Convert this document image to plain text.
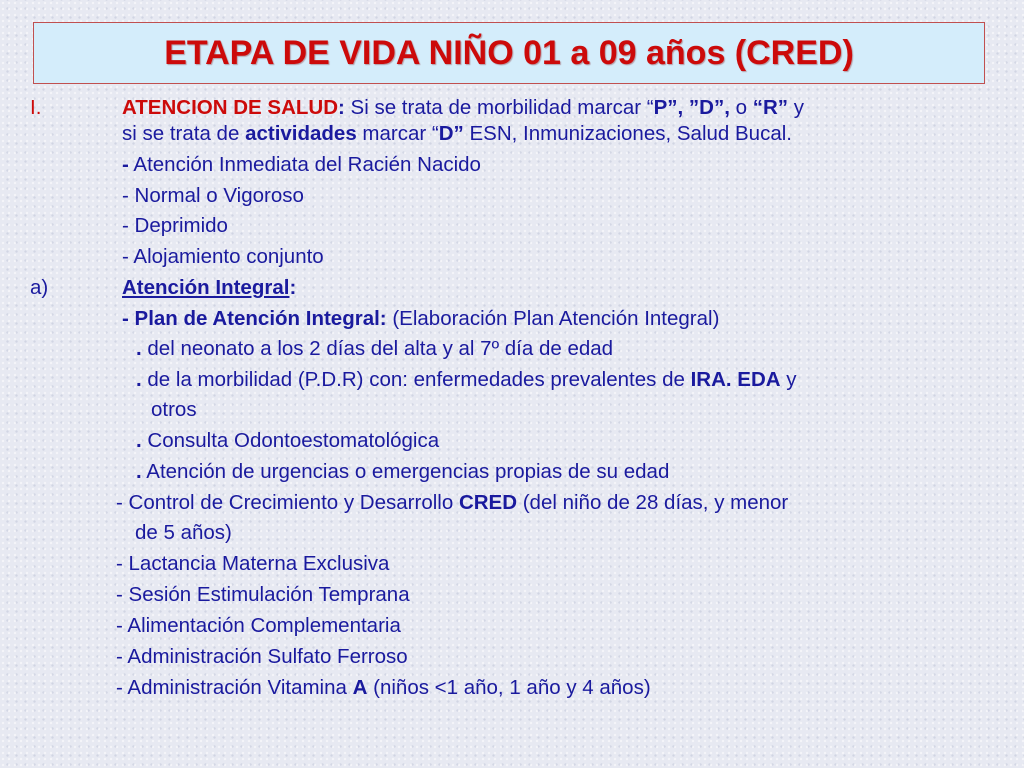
ETAPA DE VIDA NIÑO 01 a 09 años (CRED)
I.	ATENCION DE SALUD: Si se trata de morbilidad marcar “P”, ”D”, o “R” y
si se trata de actividades marcar “D” ESN, Inmunizaciones, Salud Bucal.
- Atención Inmediata del Racién Nacido
- Normal o Vigoroso
- Deprimido
- Alojamiento conjunto
a)	Atención Integral:
- Plan de Atención Integral: (Elaboración Plan Atención Integral)
. del neonato a los 2 días del alta y al 7º día de edad
. de la morbilidad (P.D.R) con: enfermedades prevalentes de IRA. EDA y
otros
. Consulta Odontoestomatológica
. Atención de urgencias o emergencias propias de su edad
- Control de Crecimiento y Desarrollo CRED (del niño de 28 días, y menor
de 5 años)
- Lactancia Materna Exclusiva
- Sesión Estimulación Temprana
- Alimentación Complementaria
- Administración Sulfato Ferroso
- Administración Vitamina A (niños <1 año, 1 año y 4 años)
